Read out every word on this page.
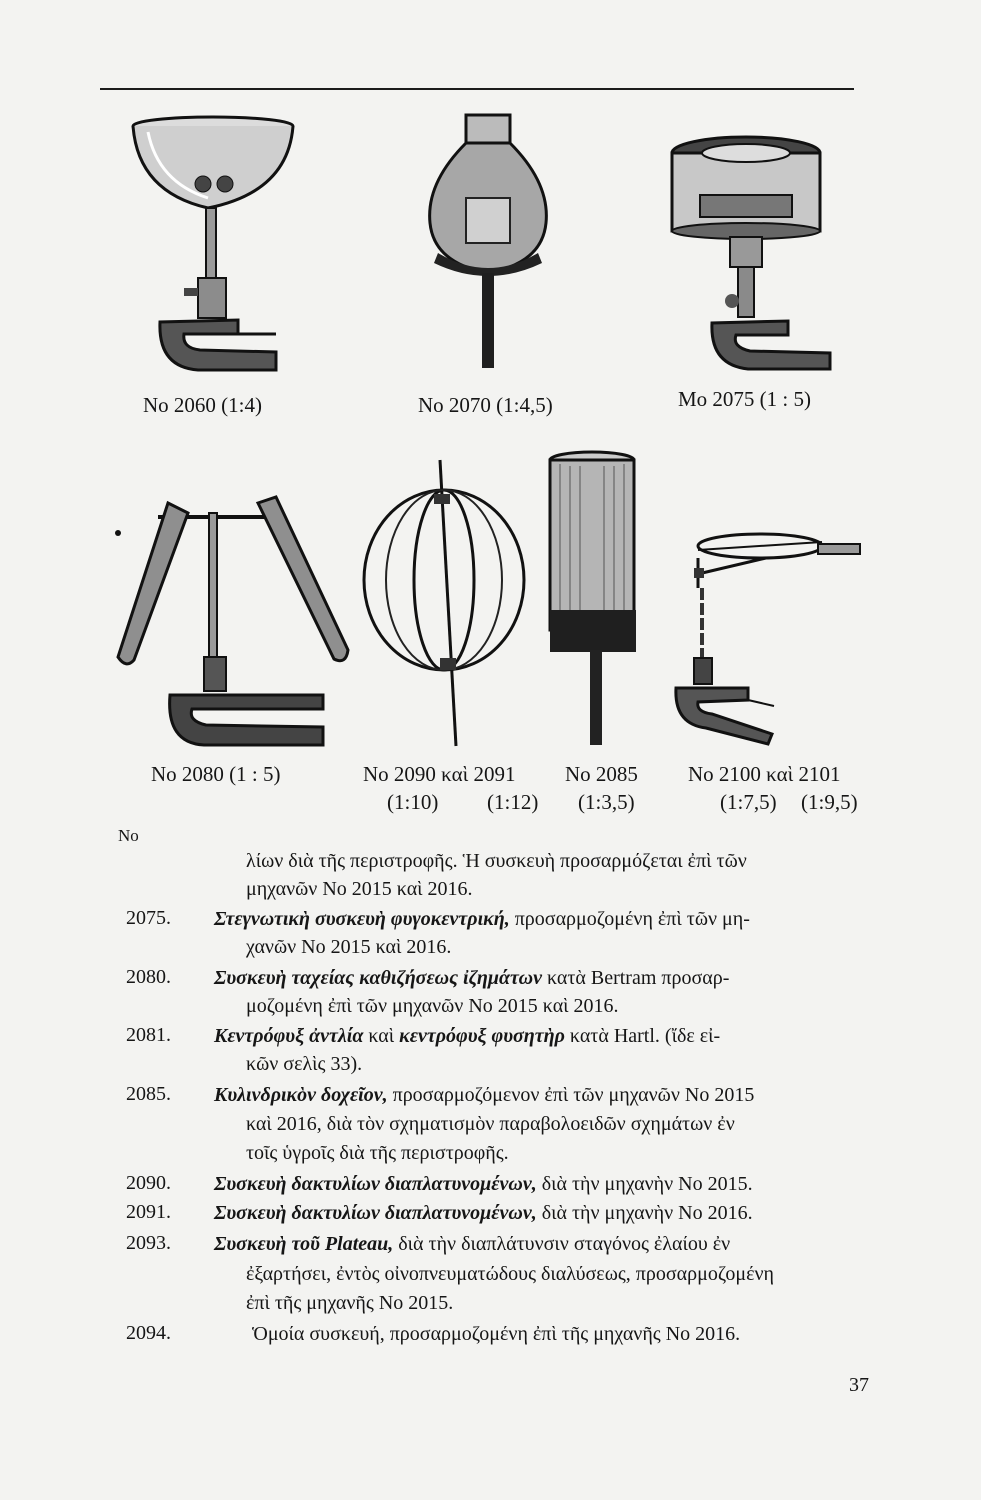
No 2060 (1:4)	No 2070 (1:4,5)	Mo 2075 (1 : 5)
No 2080 (1 : 5)	No 2090 καὶ 2091
(1:10) (1:12)
No 2085
(1:3,5)
No 2100 καὶ 2101
(1:7,5) (1:9,5)
No
λίων διὰ τῆς περιστροφῆς. Ἡ συσκευὴ προσαρμόζεται ἐπὶ τῶν
μηχανῶν No 2015 καὶ 2016.
2075. Στεγνωτικὴ συσκευὴ φυγοκεντρική, προσαρμοζομένη ἐπὶ τῶν μη-
χανῶν No 2015 καὶ 2016.
2080. Συσκευὴ ταχείας καθιζήσεως ἰζημάτων κατὰ Bertram προσαρ-
μοζομένη ἐπὶ τῶν μηχανῶν No 2015 καὶ 2016.
2081. Κεντρόφυξ ἀντλία καὶ κεντρόφυξ φυσητὴρ κατὰ Hartl. (ἴδε εἰ-
κῶν σελὶς 33).
2085. Κυλινδρικὸν δοχεῖον, προσαρμοζόμενον ἐπὶ τῶν μηχανῶν No 2015
καὶ 2016, διὰ τὸν σχηματισμὸν παραβολοειδῶν σχημάτων ἐν
τοῖς ὑγροῖς διὰ τῆς περιστροφῆς.
2090. Συσκευὴ δακτυλίων διαπλατυνομένων, διὰ τὴν μηχανὴν No 2015.
2091. Συσκευὴ δακτυλίων διαπλατυνομένων, διὰ τὴν μηχανὴν No 2016.
2093. Συσκευὴ τοῦ Plateau, διὰ τὴν διαπλάτυνσιν σταγόνος ἐλαίου ἐν
ἐξαρτήσει, ἐντὸς οἰνοπνευματώδους διαλύσεως, προσαρμοζομένη
ἐπὶ τῆς μηχανῆς No 2015.
2094.	Ὁμοία συσκευή, προσαρμοζομένη ἐπὶ τῆς μηχανῆς No 2016.
37
